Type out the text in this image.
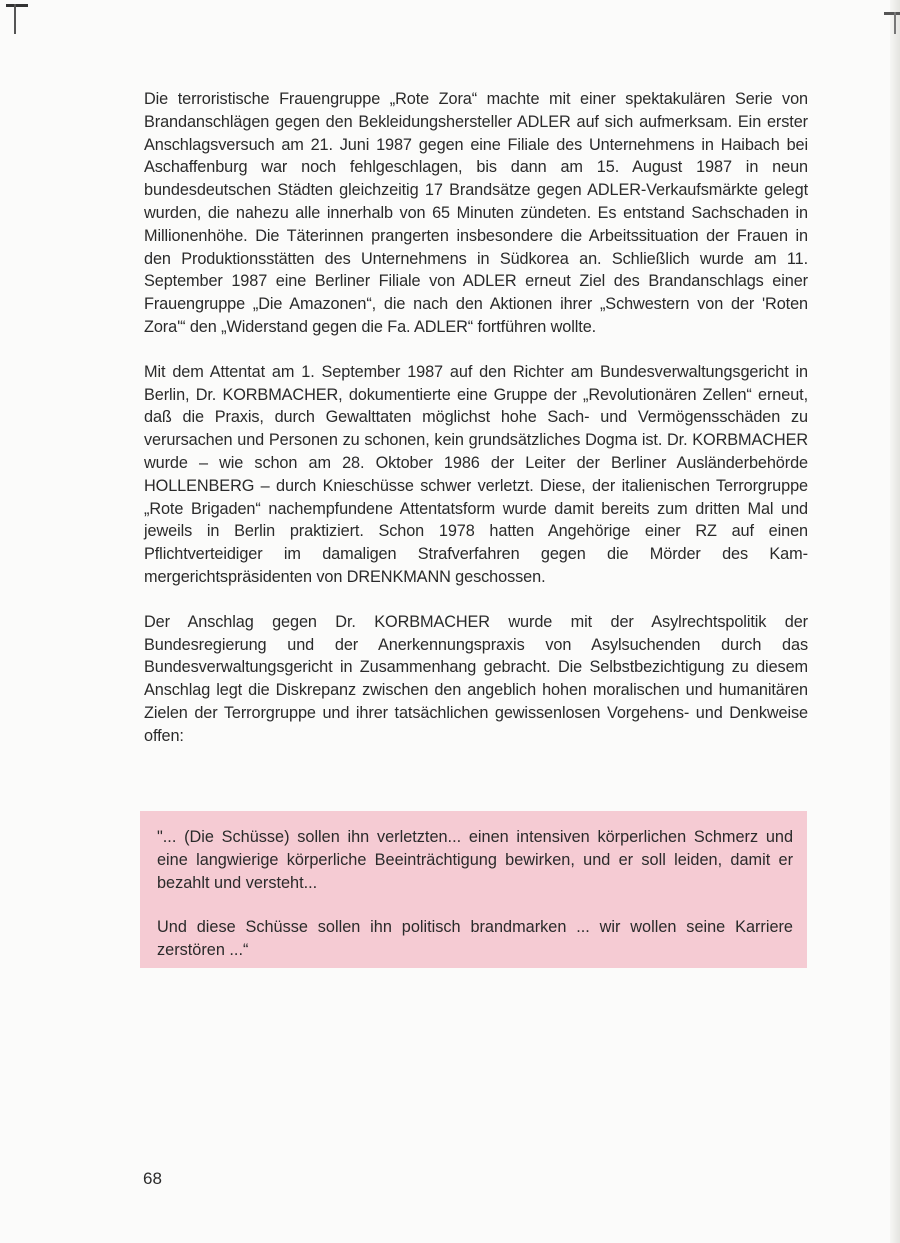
Die terroristische Frauengruppe „Rote Zora“ machte mit einer spektakulären Serie von Brandanschlägen gegen den Bekleidungshersteller ADLER auf sich aufmerksam. Ein erster Anschlagsversuch am 21. Juni 1987 gegen eine Filiale des Unternehmens in Haibach bei Aschaffenburg war noch fehlgeschlagen, bis dann am 15. August 1987 in neun bundesdeutschen Städten gleichzeitig 17 Brandsätze gegen ADLER-Verkaufsmärkte gelegt wurden, die nahezu alle innerhalb von 65 Minuten zündeten. Es entstand Sachschaden in Millionenhöhe. Die Täterinnen prangerten insbesondere die Arbeitssituation der Frauen in den Produktionsstätten des Unternehmens in Südkorea an. Schließlich wurde am 11. September 1987 eine Berliner Filiale von ADLER erneut Ziel des Brandanschlags einer Frauengruppe „Die Amazonen“, die nach den Aktionen ihrer „Schwestern von der 'Roten Zora'“ den „Widerstand gegen die Fa. ADLER“ fortführen wollte.

Mit dem Attentat am 1. September 1987 auf den Richter am Bundesverwaltungsgericht in Berlin, Dr. KORBMACHER, dokumentierte eine Gruppe der „Revolutionären Zellen“ erneut, daß die Praxis, durch Gewalttaten möglichst hohe Sach- und Vermögensschäden zu verursachen und Personen zu schonen, kein grundsätzliches Dogma ist. Dr. KORBMACHER wurde – wie schon am 28. Oktober 1986 der Leiter der Berliner Ausländerbehörde HOLLENBERG – durch Knieschüsse schwer verletzt. Diese, der italienischen Terrorgruppe „Rote Brigaden“ nachempfundene Attentatsform wurde damit bereits zum dritten Mal und jeweils in Berlin praktiziert. Schon 1978 hatten Angehörige einer RZ auf einen Pflichtverteidiger im damaligen Strafverfahren gegen die Mörder des Kammergerichtspräsidenten von DRENKMANN geschossen.

Der Anschlag gegen Dr. KORBMACHER wurde mit der Asylrechtspolitik der Bundesregierung und der Anerkennungspraxis von Asylsuchenden durch das Bundesverwaltungsgericht in Zusammenhang gebracht. Die Selbstbezichtigung zu diesem Anschlag legt die Diskrepanz zwischen den angeblich hohen moralischen und humanitären Zielen der Terrorgruppe und ihrer tatsächlichen gewissenlosen Vorgehens- und Denkweise offen:

"... (Die Schüsse) sollen ihn verletzten... einen intensiven körperlichen Schmerz und eine langwierige körperliche Beeinträchtigung bewirken, und er soll leiden, damit er bezahlt und versteht...

Und diese Schüsse sollen ihn politisch brandmarken ... wir wollen seine Karriere zerstören ...“

68
